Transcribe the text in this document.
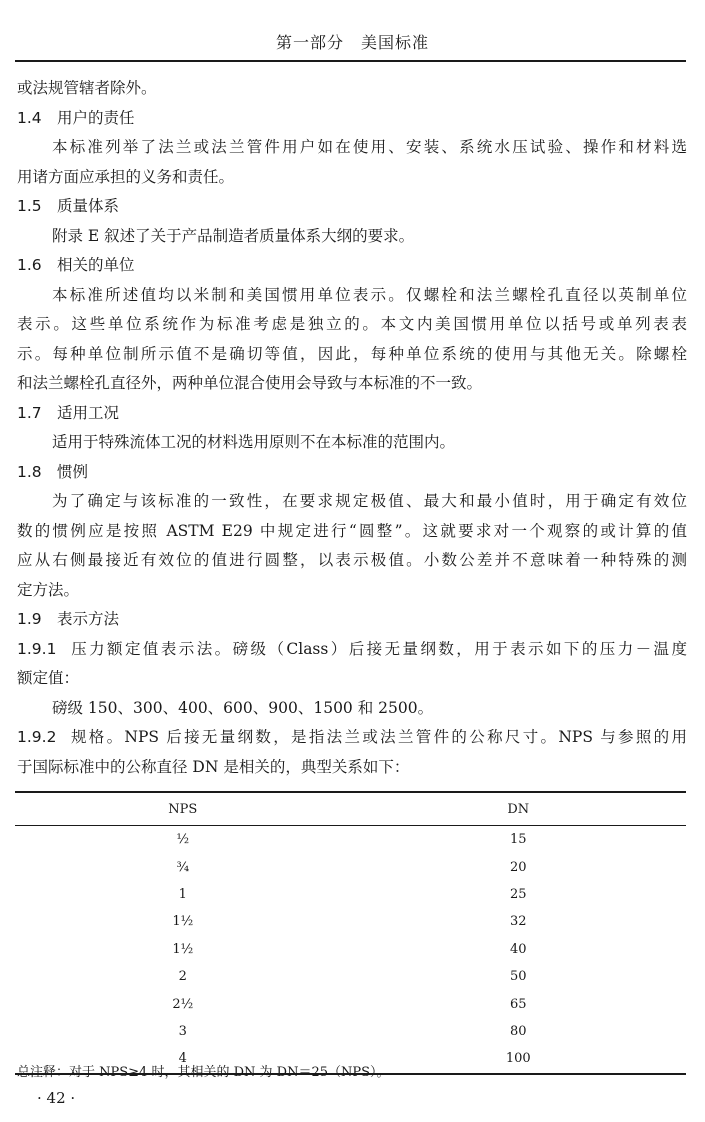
第一部分　美国标准
或法规管辖者除外。
1.4 用户的责任
本标准列举了法兰或法兰管件用户如在使用、安装、系统水压试验、操作和材料选
用诸方面应承担的义务和责任。
1.5 质量体系
附录 E 叙述了关于产品制造者质量体系大纲的要求。
1.6 相关的单位
本标准所述值均以米制和美国惯用单位表示。仅螺栓和法兰螺栓孔直径以英制单位
表示。这些单位系统作为标准考虑是独立的。本文内美国惯用单位以括号或单列表表
示。每种单位制所示值不是确切等值，因此，每种单位系统的使用与其他无关。除螺栓
和法兰螺栓孔直径外，两种单位混合使用会导致与本标准的不一致。
1.7 适用工况
适用于特殊流体工况的材料选用原则不在本标准的范围内。
1.8 惯例
为了确定与该标准的一致性，在要求规定极值、最大和最小值时，用于确定有效位
数的惯例应是按照 ASTM E29 中规定进行“圆整”。这就要求对一个观察的或计算的值
应从右侧最接近有效位的值进行圆整，以表示极值。小数公差并不意味着一种特殊的测
定方法。
1.9 表示方法
1.9.1 压力额定值表示法。磅级（Class）后接无量纲数，用于表示如下的压力－温度
额定值：
磅级 150、300、400、600、900、1500 和 2500。
1.9.2 规格。NPS 后接无量纲数，是指法兰或法兰管件的公称尺寸。NPS 与参照的用
于国际标准中的公称直径 DN 是相关的，典型关系如下：
NPS	DN
½	15
¾	20
1	25
1½	32
1½	40
2	50
2½	65
3	80
4	100
总注释：对于 NPS≥4 时，其相关的 DN 为 DN＝25（NPS）。
· 42 ·
